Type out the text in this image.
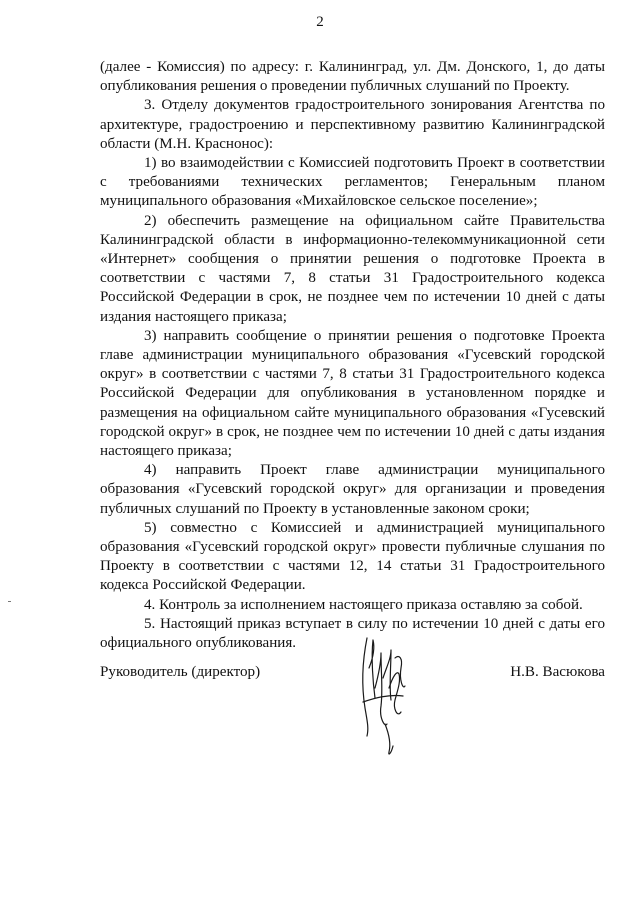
2

(далее - Комиссия) по адресу: г. Калининград, ул. Дм. Донского, 1, до даты опубликования решения о проведении публичных слушаний по Проекту.

3. Отделу документов градостроительного зонирования Агентства по архитектуре, градостроению и перспективному развитию Калининградской области (М.Н. Красноноc):

1) во взаимодействии с Комиссией подготовить Проект в соответствии с требованиями технических регламентов; Генеральным планом муниципального образования «Михайловское сельское поселение»;

2) обеспечить размещение на официальном сайте Правительства Калининградской области в информационно-телекоммуникационной сети «Интернет» сообщения о принятии решения о подготовке Проекта в соответствии с частями 7, 8 статьи 31 Градостроительного кодекса Российской Федерации в срок, не позднее чем по истечении 10 дней с даты издания настоящего приказа;

3) направить сообщение о принятии решения о подготовке Проекта главе администрации муниципального образования «Гусевский городской округ» в соответствии с частями 7, 8 статьи 31 Градостроительного кодекса Российской Федерации для опубликования в установленном порядке и размещения на официальном сайте муниципального образования «Гусевский городской округ» в срок, не позднее чем по истечении 10 дней с даты издания настоящего приказа;

4) направить Проект главе администрации муниципального образования «Гусевский городской округ» для организации и проведения публичных слушаний по Проекту в установленные законом сроки;

5) совместно с Комиссией и администрацией муниципального образования «Гусевский городской округ» провести публичные слушания по Проекту в соответствии с частями 12, 14 статьи 31 Градостроительного кодекса Российской Федерации.

4. Контроль за исполнением настоящего приказа оставляю за собой.

5. Настоящий приказ вступает в силу по истечении 10 дней с даты его официального опубликования.

Руководитель (директор)	Н.В. Васюкова
